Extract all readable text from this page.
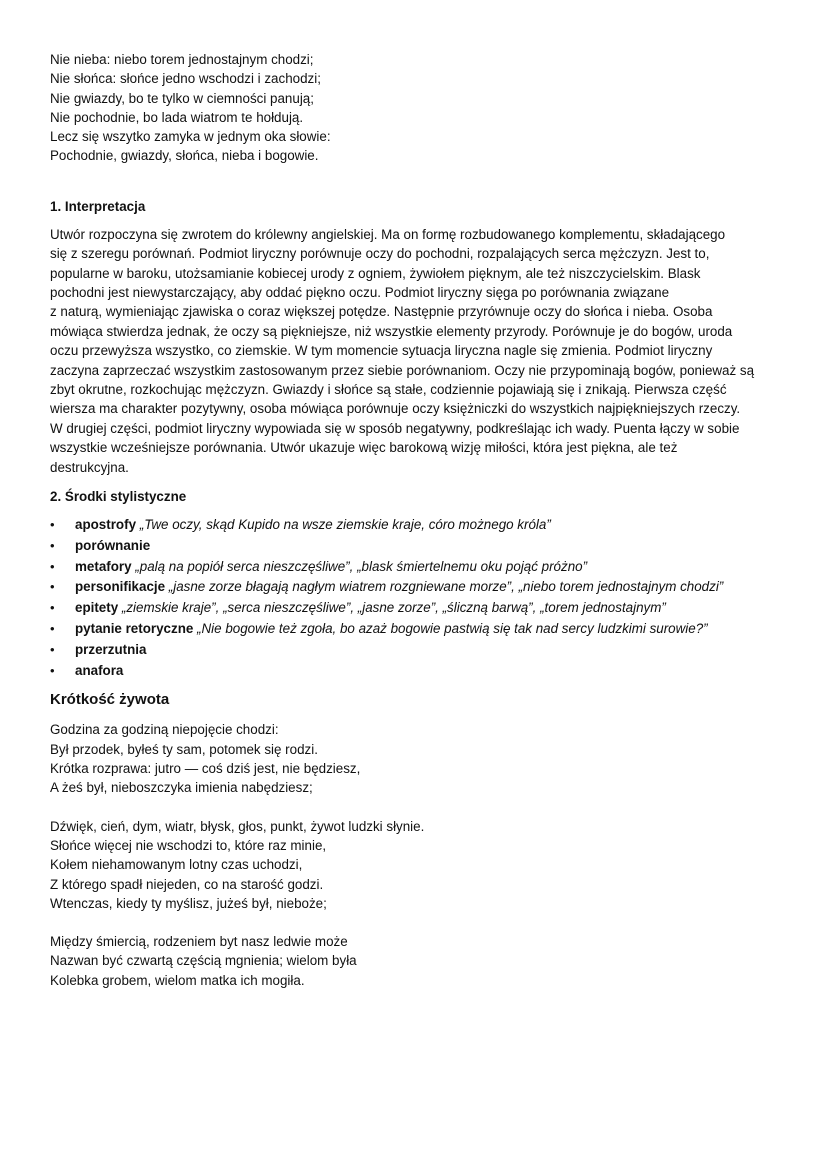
Nie nieba: niebo torem jednostajnym chodzi;
Nie słońca: słońce jedno wschodzi i zachodzi;
Nie gwiazdy, bo te tylko w ciemności panują;
Nie pochodnie, bo lada wiatrom te hołdują.
Lecz się wszytko zamyka w jednym oka słowie:
Pochodnie, gwiazdy, słońca, nieba i bogowie.
1. Interpretacja
Utwór rozpoczyna się zwrotem do królewny angielskiej. Ma on formę rozbudowanego komplementu, składającego
się z szeregu porównań. Podmiot liryczny porównuje oczy do pochodni, rozpalających serca mężczyzn. Jest to,
popularne w baroku, utożsamianie kobiecej urody z ogniem, żywiołem pięknym, ale też niszczycielskim. Blask
pochodni jest niewystarczający, aby oddać piękno oczu. Podmiot liryczny sięga po porównania związane
z naturą, wymieniając zjawiska o coraz większej potędze. Następnie przyrównuje oczy do słońca i nieba. Osoba
mówiąca stwierdza jednak, że oczy są piękniejsze, niż wszystkie elementy przyrody. Porównuje je do bogów, uroda
oczu przewyższa wszystko, co ziemskie. W tym momencie sytuacja liryczna nagle się zmienia. Podmiot liryczny
zaczyna zaprzeczać wszystkim zastosowanym przez siebie porównaniom. Oczy nie przypominają bogów, ponieważ są
zbyt okrutne, rozkochując mężczyzn. Gwiazdy i słońce są stałe, codziennie pojawiają się i znikają. Pierwsza część
wiersza ma charakter pozytywny, osoba mówiąca porównuje oczy księżniczki do wszystkich najpiękniejszych rzeczy.
W drugiej części, podmiot liryczny wypowiada się w sposób negatywny, podkreślając ich wady. Puenta łączy w sobie
wszystkie wcześniejsze porównania. Utwór ukazuje więc barokową wizję miłości, która jest piękna, ale też
destrukcyjna.
2. Środki stylistyczne
• apostrofy „Twe oczy, skąd Kupido na wsze ziemskie kraje, córo możnego króla”
• porównanie
• metafory „palą na popiół serca nieszczęśliwe”, „blask śmiertelnemu oku pojąć próżno”
• personifikacje „jasne zorze błagają nagłym wiatrem rozgniewane morze”, „niebo torem jednostajnym chodzi”
• epitety „ziemskie kraje”, „serca nieszczęśliwe”, „jasne zorze”, „śliczną barwą”, „torem jednostajnym”
• pytanie retoryczne „Nie bogowie też zgoła, bo azaż bogowie pastwią się tak nad sercy ludzkimi surowie?”
• przerzutnia
• anafora
Krótkość żywota
Godzina za godziną niepojęcie chodzi:
Był przodek, byłeś ty sam, potomek się rodzi.
Krótka rozprawa: jutro — coś dziś jest, nie będziesz,
A żeś był, nieboszczyka imienia nabędziesz;
Dźwięk, cień, dym, wiatr, błysk, głos, punkt, żywot ludzki słynie.
Słońce więcej nie wschodzi to, które raz minie,
Kołem niehamowanym lotny czas uchodzi,
Z którego spadł niejeden, co na starość godzi.
Wtenczas, kiedy ty myślisz, jużeś był, nieboże;
Między śmiercią, rodzeniem byt nasz ledwie może
Nazwan być czwartą częścią mgnienia; wielom była
Kolebka grobem, wielom matka ich mogiła.
